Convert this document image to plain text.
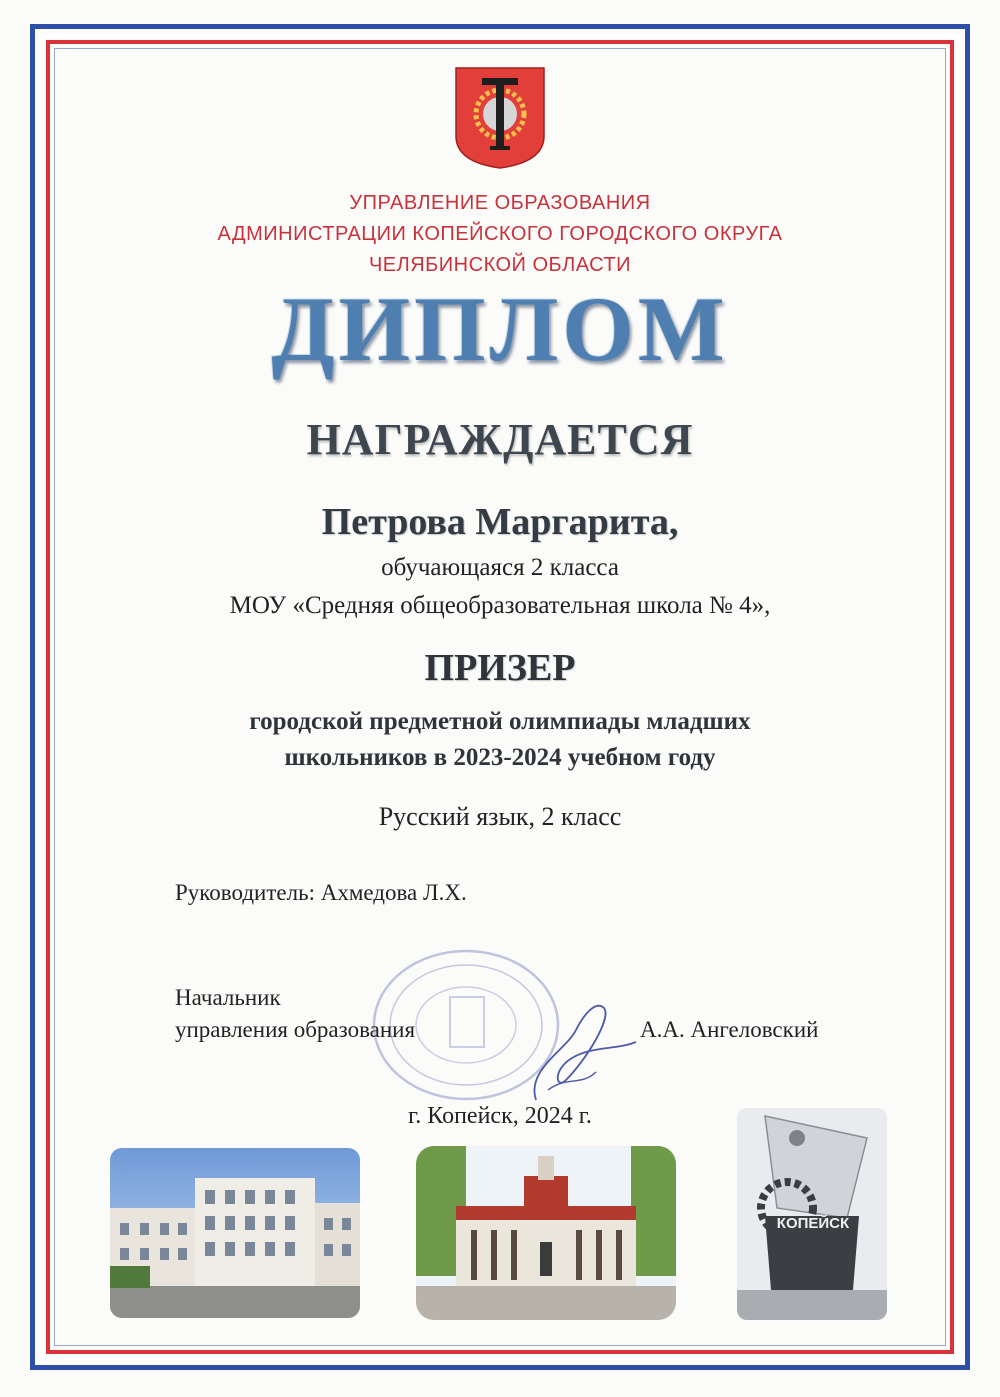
УПРАВЛЕНИЕ ОБРАЗОВАНИЯ
АДМИНИСТРАЦИИ КОПЕЙСКОГО ГОРОДСКОГО ОКРУГА
ЧЕЛЯБИНСКОЙ ОБЛАСТИ
ДИПЛОМ
НАГРАЖДАЕТСЯ
Петрова Маргарита,
обучающаяся 2 класса
МОУ «Средняя общеобразовательная школа № 4»,
ПРИЗЕР
городской предметной олимпиады младших
школьников в 2023-2024 учебном году
Русский язык, 2 класс
Руководитель: Ахмедова Л.Х.
Начальник
управления образования	А.А. Ангеловский
г. Копейск, 2024 г.
КОПЕЙСК
